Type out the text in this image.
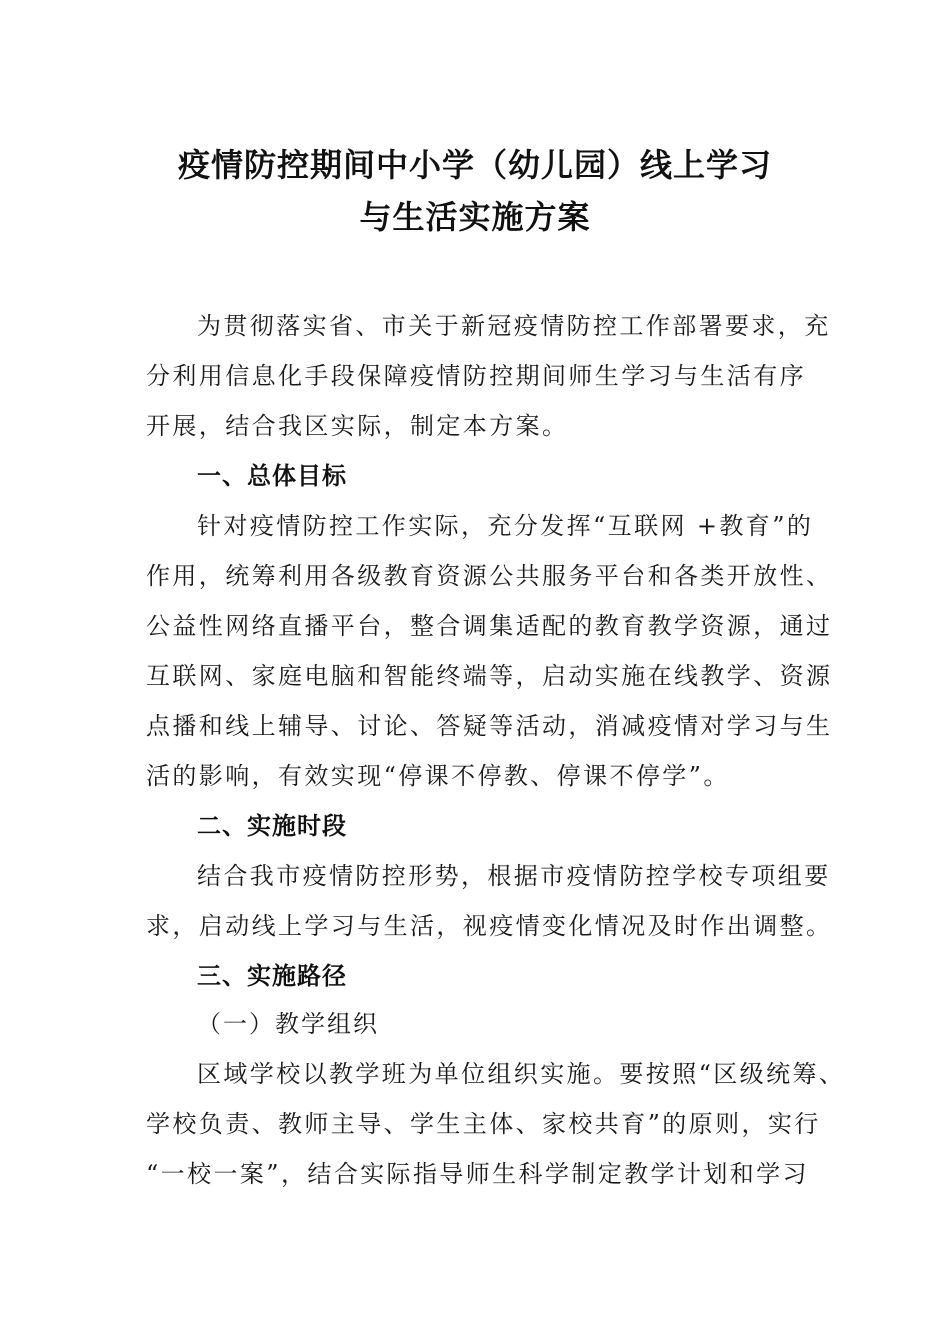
疫情防控期间中小学（幼儿园）线上学习
与生活实施方案
为贯彻落实省、市关于新冠疫情防控工作部署要求，充
分利用信息化手段保障疫情防控期间师生学习与生活有序
开展，结合我区实际，制定本方案。
一、总体目标
针对疫情防控工作实际，充分发挥“互联网 +教育”的
作用，统筹利用各级教育资源公共服务平台和各类开放性、
公益性网络直播平台，整合调集适配的教育教学资源，通过
互联网、家庭电脑和智能终端等，启动实施在线教学、资源
点播和线上辅导、讨论、答疑等活动，消减疫情对学习与生
活的影响，有效实现“停课不停教、停课不停学”。
二、实施时段
结合我市疫情防控形势，根据市疫情防控学校专项组要
求，启动线上学习与生活，视疫情变化情况及时作出调整。
三、实施路径
（一）教学组织
区域学校以教学班为单位组织实施。要按照“区级统筹、
学校负责、教师主导、学生主体、家校共育”的原则，实行
“一校一案”，结合实际指导师生科学制定教学计划和学习
